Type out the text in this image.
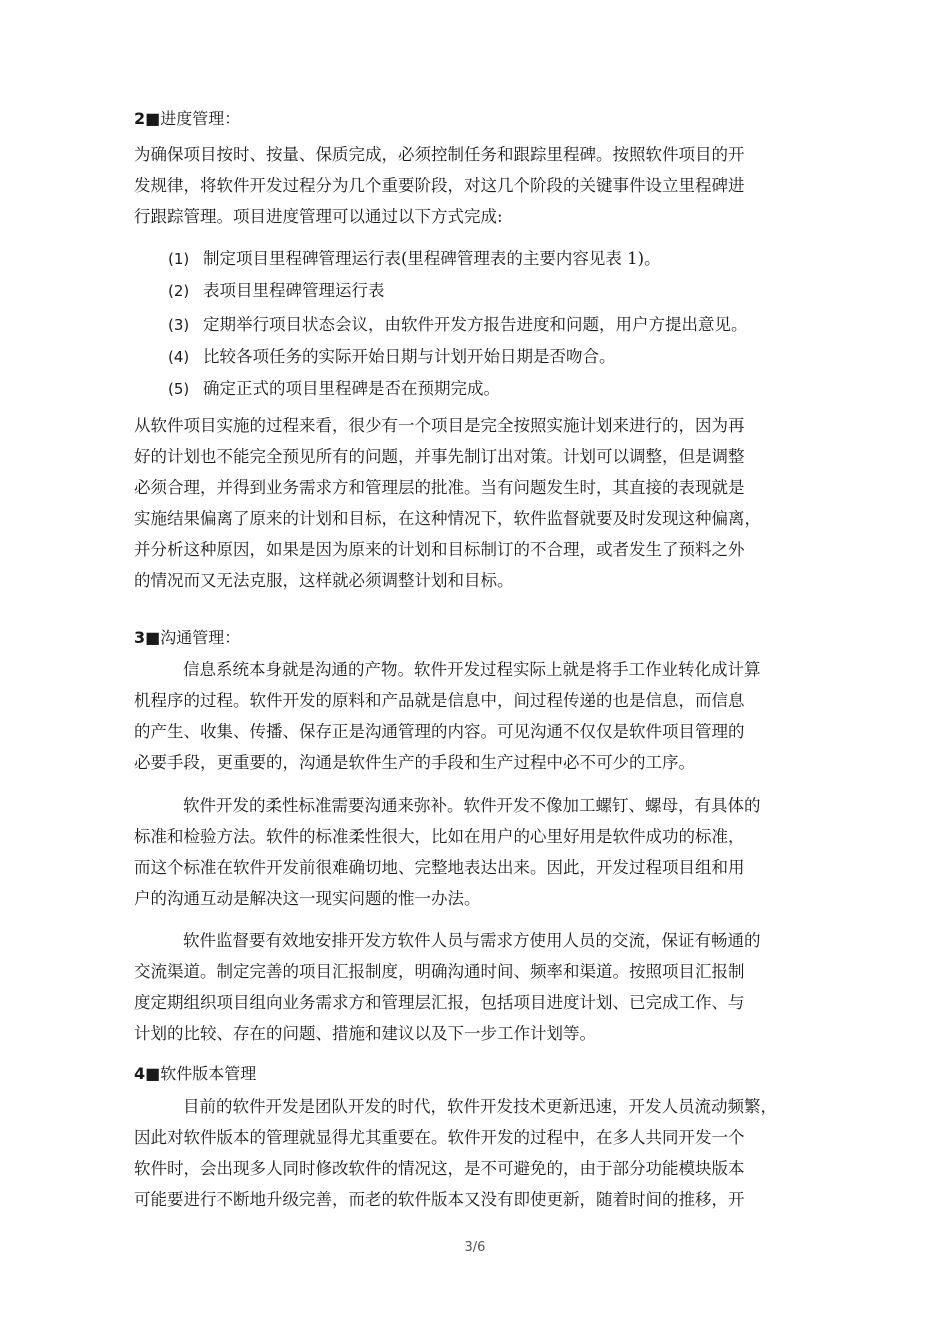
2■进度管理：
为确保项目按时、按量、保质完成，必须控制任务和跟踪里程碑。按照软件项目的开
发规律，将软件开发过程分为几个重要阶段，对这几个阶段的关键事件设立里程碑进
行跟踪管理。项目进度管理可以通过以下方式完成:
(1) 制定项目里程碑管理运行表(里程碑管理表的主要内容见表 1)。
(2) 表项目里程碑管理运行表
(3) 定期举行项目状态会议，由软件开发方报告进度和问题，用户方提出意见。
(4) 比较各项任务的实际开始日期与计划开始日期是否吻合。
(5) 确定正式的项目里程碑是否在预期完成。
从软件项目实施的过程来看，很少有一个项目是完全按照实施计划来进行的，因为再
好的计划也不能完全预见所有的问题，并事先制订出对策。计划可以调整，但是调整
必须合理，并得到业务需求方和管理层的批准。当有问题发生时，其直接的表现就是
实施结果偏离了原来的计划和目标，在这种情况下，软件监督就要及时发现这种偏离，
并分析这种原因，如果是因为原来的计划和目标制订的不合理，或者发生了预料之外
的情况而又无法克服，这样就必须调整计划和目标。
3■沟通管理：
信息系统本身就是沟通的产物。软件开发过程实际上就是将手工作业转化成计算
机程序的过程。软件开发的原料和产品就是信息中，间过程传递的也是信息，而信息
的产生、收集、传播、保存正是沟通管理的内容。可见沟通不仅仅是软件项目管理的
必要手段，更重要的，沟通是软件生产的手段和生产过程中必不可少的工序。
软件开发的柔性标准需要沟通来弥补。软件开发不像加工螺钉、螺母，有具体的
标准和检验方法。软件的标准柔性很大，比如在用户的心里好用是软件成功的标准，
而这个标准在软件开发前很难确切地、完整地表达出来。因此，开发过程项目组和用
户的沟通互动是解决这一现实问题的惟一办法。
软件监督要有效地安排开发方软件人员与需求方使用人员的交流，保证有畅通的
交流渠道。制定完善的项目汇报制度，明确沟通时间、频率和渠道。按照项目汇报制
度定期组织项目组向业务需求方和管理层汇报，包括项目进度计划、已完成工作、与
计划的比较、存在的问题、措施和建议以及下一步工作计划等。
4■软件版本管理
目前的软件开发是团队开发的时代，软件开发技术更新迅速，开发人员流动频繁，
因此对软件版本的管理就显得尤其重要在。软件开发的过程中，在多人共同开发一个
软件时，会出现多人同时修改软件的情况这，是不可避免的，由于部分功能模块版本
可能要进行不断地升级完善，而老的软件版本又没有即使更新，随着时间的推移，开
3/6
